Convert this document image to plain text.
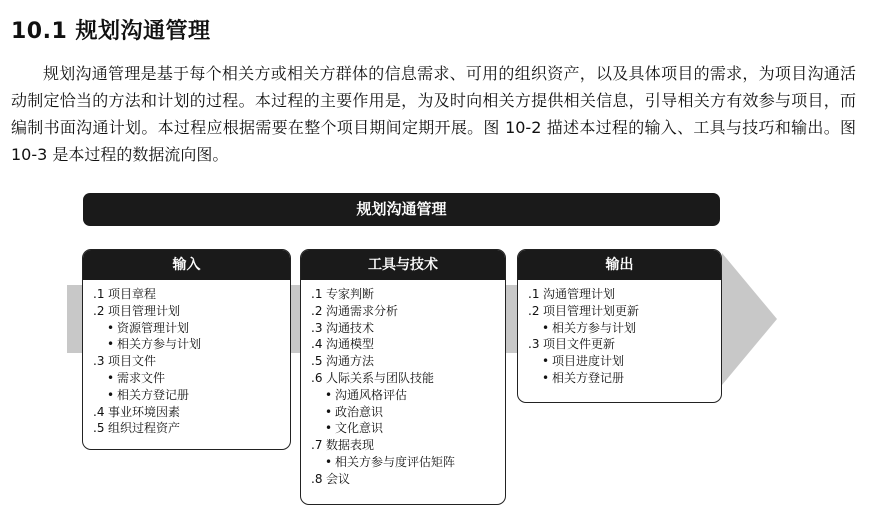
10.1 规划沟通管理

规划沟通管理是基于每个相关方或相关方群体的信息需求、可用的组织资产，以及具体项目的需求，为项目沟通活动制定恰当的方法和计划的过程。本过程的主要作用是，为及时向相关方提供相关信息，引导相关方有效参与项目，而编制书面沟通计划。本过程应根据需要在整个项目期间定期开展。图 10-2 描述本过程的输入、工具与技巧和输出。图 10-3 是本过程的数据流向图。

规划沟通管理
输入
.1 项目章程
.2 项目管理计划
• 资源管理计划
• 相关方参与计划
.3 项目文件
• 需求文件
• 相关方登记册
.4 事业环境因素
.5 组织过程资产
工具与技术
.1 专家判断
.2 沟通需求分析
.3 沟通技术
.4 沟通模型
.5 沟通方法
.6 人际关系与团队技能
• 沟通风格评估
• 政治意识
• 文化意识
.7 数据表现
• 相关方参与度评估矩阵
.8 会议
输出
.1 沟通管理计划
.2 项目管理计划更新
• 相关方参与计划
.3 项目文件更新
• 项目进度计划
• 相关方登记册
